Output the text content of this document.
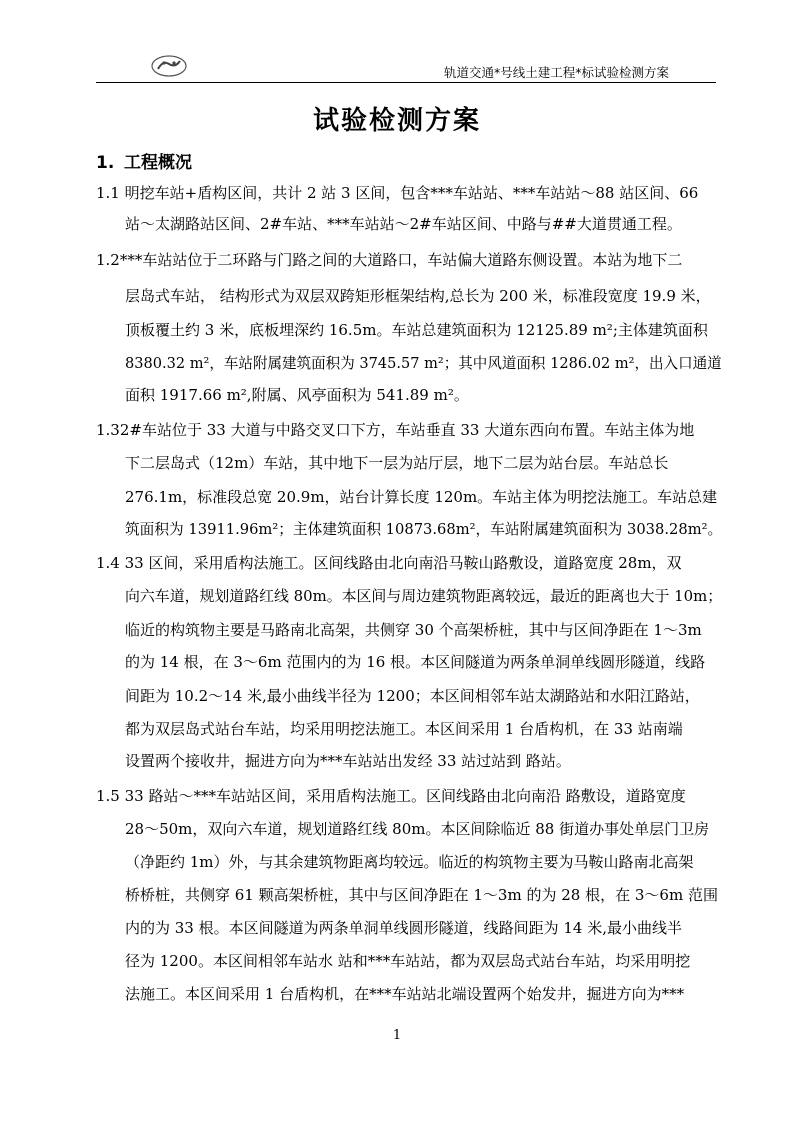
轨道交通*号线土建工程*标试验检测方案
试验检测方案
1. 工程概况
1.1 明挖车站+盾构区间，共计 2 站 3 区间，包含***车站站、***车站站～88 站区间、66
站～太湖路站区间、2#车站、***车站站～2#车站区间、中路与##大道贯通工程。
1.2***车站站位于二环路与门路之间的大道路口，车站偏大道路东侧设置。本站为地下二
层岛式车站， 结构形式为双层双跨矩形框架结构,总长为 200 米，标准段宽度 19.9 米，
顶板覆土约 3 米，底板埋深约 16.5m。车站总建筑面积为 12125.89 m²;主体建筑面积
8380.32 m²，车站附属建筑面积为 3745.57 m²；其中风道面积 1286.02 m²，出入口通道
面积 1917.66 m²,附属、风亭面积为 541.89 m²。
1.32#车站位于 33 大道与中路交叉口下方，车站垂直 33 大道东西向布置。车站主体为地
下二层岛式（12m）车站，其中地下一层为站厅层，地下二层为站台层。车站总长
276.1m，标准段总宽 20.9m，站台计算长度 120m。车站主体为明挖法施工。车站总建
筑面积为 13911.96m²；主体建筑面积 10873.68m²，车站附属建筑面积为 3038.28m²。
1.4 33 区间，采用盾构法施工。区间线路由北向南沿马鞍山路敷设，道路宽度 28m，双
向六车道，规划道路红线 80m。本区间与周边建筑物距离较远，最近的距离也大于 10m；
临近的构筑物主要是马路南北高架，共侧穿 30 个高架桥桩，其中与区间净距在 1～3m
的为 14 根，在 3～6m 范围内的为 16 根。本区间隧道为两条单洞单线圆形隧道，线路
间距为 10.2～14 米,最小曲线半径为 1200；本区间相邻车站太湖路站和水阳江路站，
都为双层岛式站台车站，均采用明挖法施工。本区间采用 1 台盾构机，在 33 站南端
设置两个接收井，掘进方向为***车站站出发经 33 站过站到 路站。
1.5 33 路站～***车站站区间，采用盾构法施工。区间线路由北向南沿 路敷设，道路宽度
28～50m，双向六车道，规划道路红线 80m。本区间除临近 88 街道办事处单层门卫房
（净距约 1m）外，与其余建筑物距离均较远。临近的构筑物主要为马鞍山路南北高架
桥桥桩，共侧穿 61 颗高架桥桩，其中与区间净距在 1～3m 的为 28 根，在 3～6m 范围
内的为 33 根。本区间隧道为两条单洞单线圆形隧道，线路间距为 14 米,最小曲线半
径为 1200。本区间相邻车站水 站和***车站站，都为双层岛式站台车站，均采用明挖
法施工。本区间采用 1 台盾构机，在***车站站北端设置两个始发井，掘进方向为***
1
